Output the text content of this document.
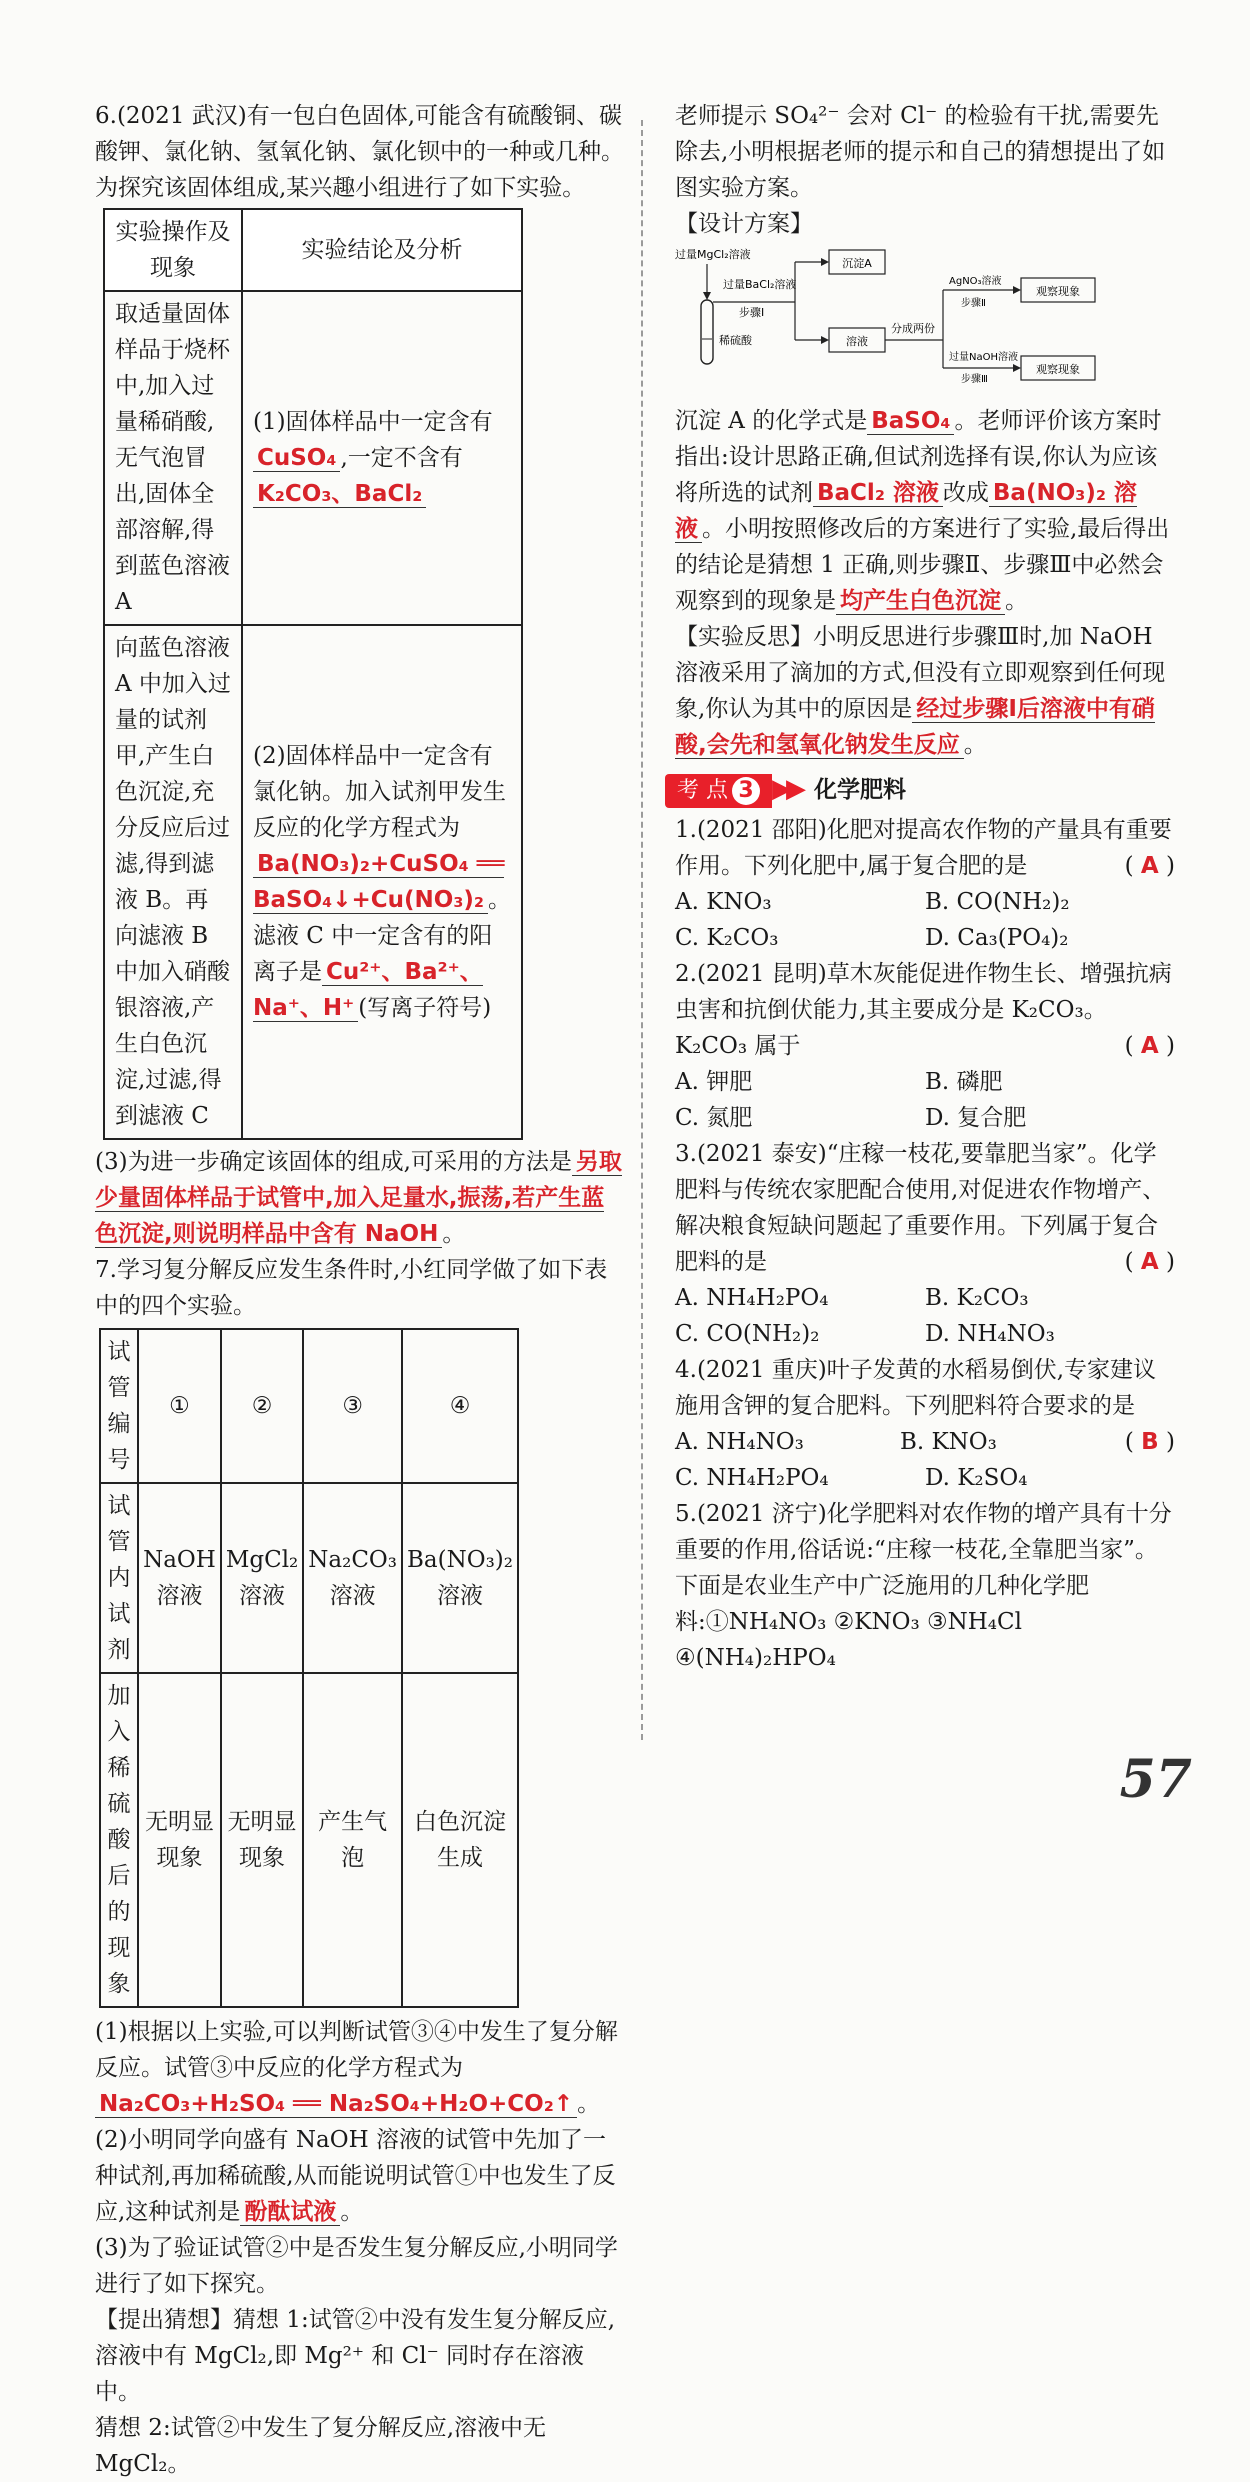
6.(2021 武汉)有一包白色固体,可能含有硫酸铜、碳酸钾、氯化钠、氢氧化钠、氯化钡中的一种或几种。为探究该固体组成,某兴趣小组进行了如下实验。

实验操作及现象	实验结论及分析
取适量固体样品于烧杯中,加入过量稀硝酸,无气泡冒出,固体全部溶解,得到蓝色溶液 A	(1)固体样品中一定含有CuSO₄ ,一定不含有K₂CO₃、BaCl₂
向蓝色溶液 A 中加入过量的试剂甲,产生白色沉淀,充分反应后过滤,得到滤液 B。再向滤液 B 中加入硝酸银溶液,产生白色沉淀,过滤,得到滤液 C	(2)固体样品中一定含有氯化钠。加入试剂甲发生反应的化学方程式为Ba(NO₃)₂+CuSO₄ ══ BaSO₄↓+Cu(NO₃)₂ 。滤液 C 中一定含有的阳离子是 Cu²⁺、Ba²⁺、Na⁺、H⁺ (写离子符号)

(3)为进一步确定该固体的组成,可采用的方法是 另取少量固体样品于试管中,加入足量水,振荡,若产生蓝色沉淀,则说明样品中含有 NaOH 。

7.学习复分解反应发生条件时,小红同学做了如下表中的四个实验。

试管编号	①	②	③	④
试管内试剂	NaOH 溶液	MgCl₂ 溶液	Na₂CO₃ 溶液	Ba(NO₃)₂ 溶液
加入稀硫酸后的现象	无明显现象	无明显现象	产生气泡	白色沉淀生成

(1)根据以上实验,可以判断试管③④中发生了复分解反应。试管③中反应的化学方程式为Na₂CO₃+H₂SO₄ ══ Na₂SO₄+H₂O+CO₂↑ 。

(2)小明同学向盛有 NaOH 溶液的试管中先加了一种试剂,再加稀硫酸,从而能说明试管①中也发生了反应,这种试剂是 酚酞试液 。

(3)为了验证试管②中是否发生复分解反应,小明同学进行了如下探究。

【提出猜想】猜想 1:试管②中没有发生复分解反应,溶液中有 MgCl₂,即 Mg²⁺ 和 Cl⁻ 同时存在溶液中。

猜想 2:试管②中发生了复分解反应,溶液中无 MgCl₂。

老师提示 SO₄²⁻ 会对 Cl⁻ 的检验有干扰,需要先除去,小明根据老师的提示和自己的猜想提出了如图实验方案。

【设计方案】

过量MgCl₂溶液
稀硫酸
过量BaCl₂溶液
步骤Ⅰ
沉淀A
溶液
分成两份
AgNO₃溶液
步骤Ⅱ
观察现象
过量NaOH溶液
步骤Ⅲ
观察现象

沉淀 A 的化学式是 BaSO₄ 。老师评价该方案时指出:设计思路正确,但试剂选择有误,你认为应该将所选的试剂 BaCl₂ 溶液 改成 Ba(NO₃)₂ 溶液 。小明按照修改后的方案进行了实验,最后得出的结论是猜想 1 正确,则步骤Ⅱ、步骤Ⅲ中必然会观察到的现象是 均产生白色沉淀 。

【实验反思】小明反思进行步骤Ⅲ时,加 NaOH 溶液采用了滴加的方式,但没有立即观察到任何现象,你认为其中的原因是 经过步骤Ⅰ后溶液中有硝酸,会先和氢氧化钠发生反应 。

考 点 3 ▶▶ 化学肥料

1.(2021 邵阳)化肥对提高农作物的产量具有重要作用。下列化肥中,属于复合肥的是	( A )

A. KNO₃	B. CO(NH₂)₂
C. K₂CO₃	D. Ca₃(PO₄)₂

2.(2021 昆明)草木灰能促进作物生长、增强抗病虫害和抗倒伏能力,其主要成分是 K₂CO₃。K₂CO₃ 属于	( A )

A. 钾肥	B. 磷肥
C. 氮肥	D. 复合肥

3.(2021 泰安)“庄稼一枝花,要靠肥当家”。化学肥料与传统农家肥配合使用,对促进农作物增产、解决粮食短缺问题起了重要作用。下列属于复合肥料的是	( A )

A. NH₄H₂PO₄	B. K₂CO₃
C. CO(NH₂)₂	D. NH₄NO₃

4.(2021 重庆)叶子发黄的水稻易倒伏,专家建议施用含钾的复合肥料。下列肥料符合要求的是
( B )

A. NH₄NO₃	B. KNO₃
C. NH₄H₂PO₄	D. K₂SO₄

5.(2021 济宁)化学肥料对农作物的增产具有十分重要的作用,俗话说:“庄稼一枝花,全靠肥当家”。下面是农业生产中广泛施用的几种化学肥料:①NH₄NO₃ ②KNO₃ ③NH₄Cl ④(NH₄)₂HPO₄

57
